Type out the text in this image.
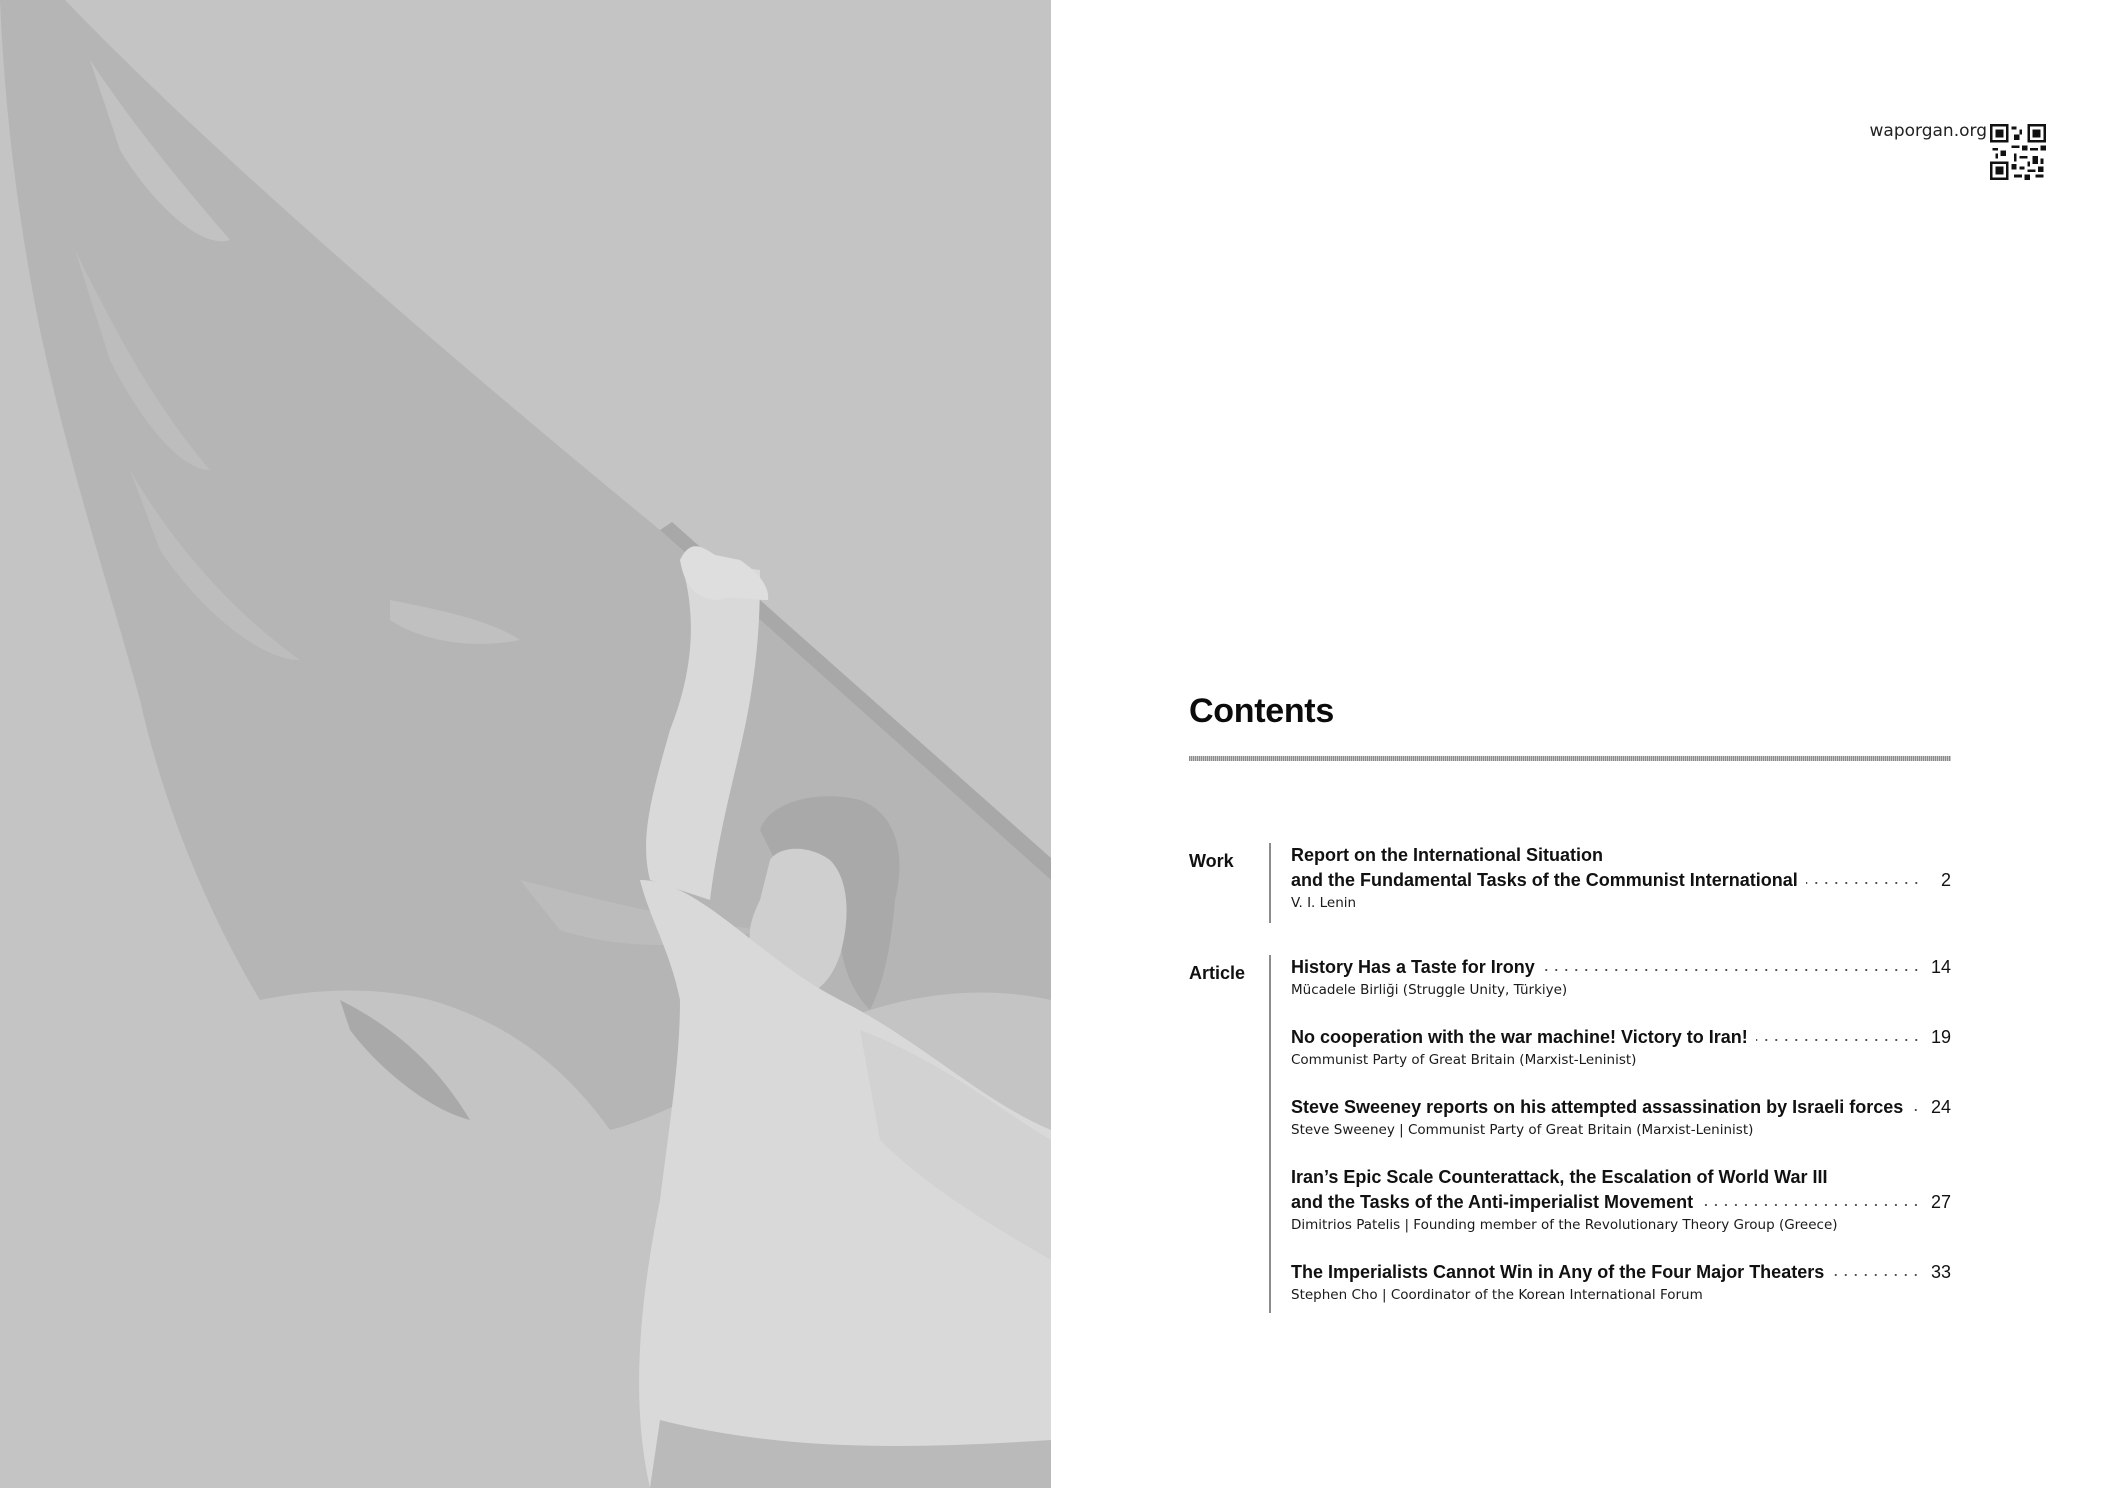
waporgan.org
Contents
Work	Report on the International Situation
and the Fundamental Tasks of the Communist International	2
V. I. Lenin
Article	History Has a Taste for Irony	14
Mücadele Birliği (Struggle Unity, Türkiye)
No cooperation with the war machine! Victory to Iran!	19
Communist Party of Great Britain (Marxist-Leninist)
Steve Sweeney reports on his attempted assassination by Israeli forces 24
Steve Sweeney | Communist Party of Great Britain (Marxist-Leninist)
Iran’s Epic Scale Counterattack, the Escalation of World War III
and the Tasks of the Anti-imperialist Movement	27
Dimitrios Patelis | Founding member of the Revolutionary Theory Group (Greece)
The Imperialists Cannot Win in Any of the Four Major Theaters	33
Stephen Cho | Coordinator of the Korean International Forum
